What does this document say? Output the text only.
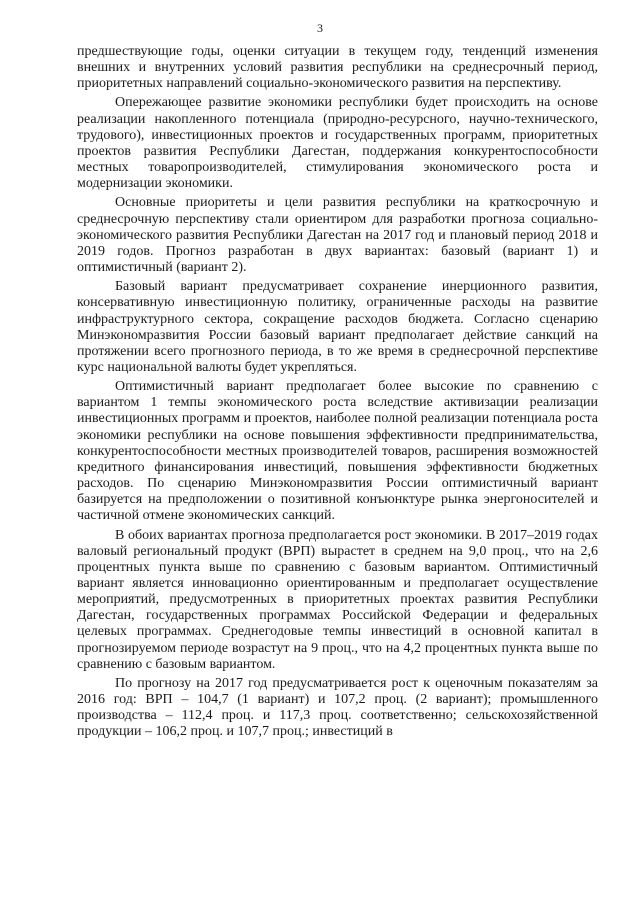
3

предшествующие годы, оценки ситуации в текущем году, тенденций изменения внешних и внутренних условий развития республики на среднесрочный период, приоритетных направлений социально-экономического развития на перспективу.

Опережающее развитие экономики республики будет происходить на основе реализации накопленного потенциала (природно-ресурсного, научно-технического, трудового), инвестиционных проектов и государственных программ, приоритетных проектов развития Республики Дагестан, поддержания конкурентоспособности местных товаропроизводителей, стимулирования экономического роста и модернизации экономики.

Основные приоритеты и цели развития республики на краткосрочную и среднесрочную перспективу стали ориентиром для разработки прогноза социально-экономического развития Республики Дагестан на 2017 год и плановый период 2018 и 2019 годов. Прогноз разработан в двух вариантах: базовый (вариант 1) и оптимистичный (вариант 2).

Базовый вариант предусматривает сохранение инерционного развития, консервативную инвестиционную политику, ограниченные расходы на развитие инфраструктурного сектора, сокращение расходов бюджета. Согласно сценарию Минэкономразвития России базовый вариант предполагает действие санкций на протяжении всего прогнозного периода, в то же время в среднесрочной перспективе курс национальной валюты будет укрепляться.

Оптимистичный вариант предполагает более высокие по сравнению с вариантом 1 темпы экономического роста вследствие активизации реализации инвестиционных программ и проектов, наиболее полной реализации потенциала роста экономики республики на основе повышения эффективности предпринимательства, конкурентоспособности местных производителей товаров, расширения возможностей кредитного финансирования инвестиций, повышения эффективности бюджетных расходов. По сценарию Минэкономразвития России оптимистичный вариант базируется на предположении о позитивной конъюнктуре рынка энергоносителей и частичной отмене экономических санкций.

В обоих вариантах прогноза предполагается рост экономики. В 2017–2019 годах валовый региональный продукт (ВРП) вырастет в среднем на 9,0 проц., что на 2,6 процентных пункта выше по сравнению с базовым вариантом. Оптимистичный вариант является инновационно ориентированным и предполагает осуществление мероприятий, предусмотренных в приоритетных проектах развития Республики Дагестан, государственных программах Российской Федерации и федеральных целевых программах. Среднегодовые темпы инвестиций в основной капитал в прогнозируемом периоде возрастут на 9 проц., что на 4,2 процентных пункта выше по сравнению с базовым вариантом.

По прогнозу на 2017 год предусматривается рост к оценочным показателям за 2016 год: ВРП – 104,7 (1 вариант) и 107,2 проц. (2 вариант); промышленного производства – 112,4 проц. и 117,3 проц. соответственно; сельскохозяйственной продукции – 106,2 проц. и 107,7 проц.; инвестиций в
